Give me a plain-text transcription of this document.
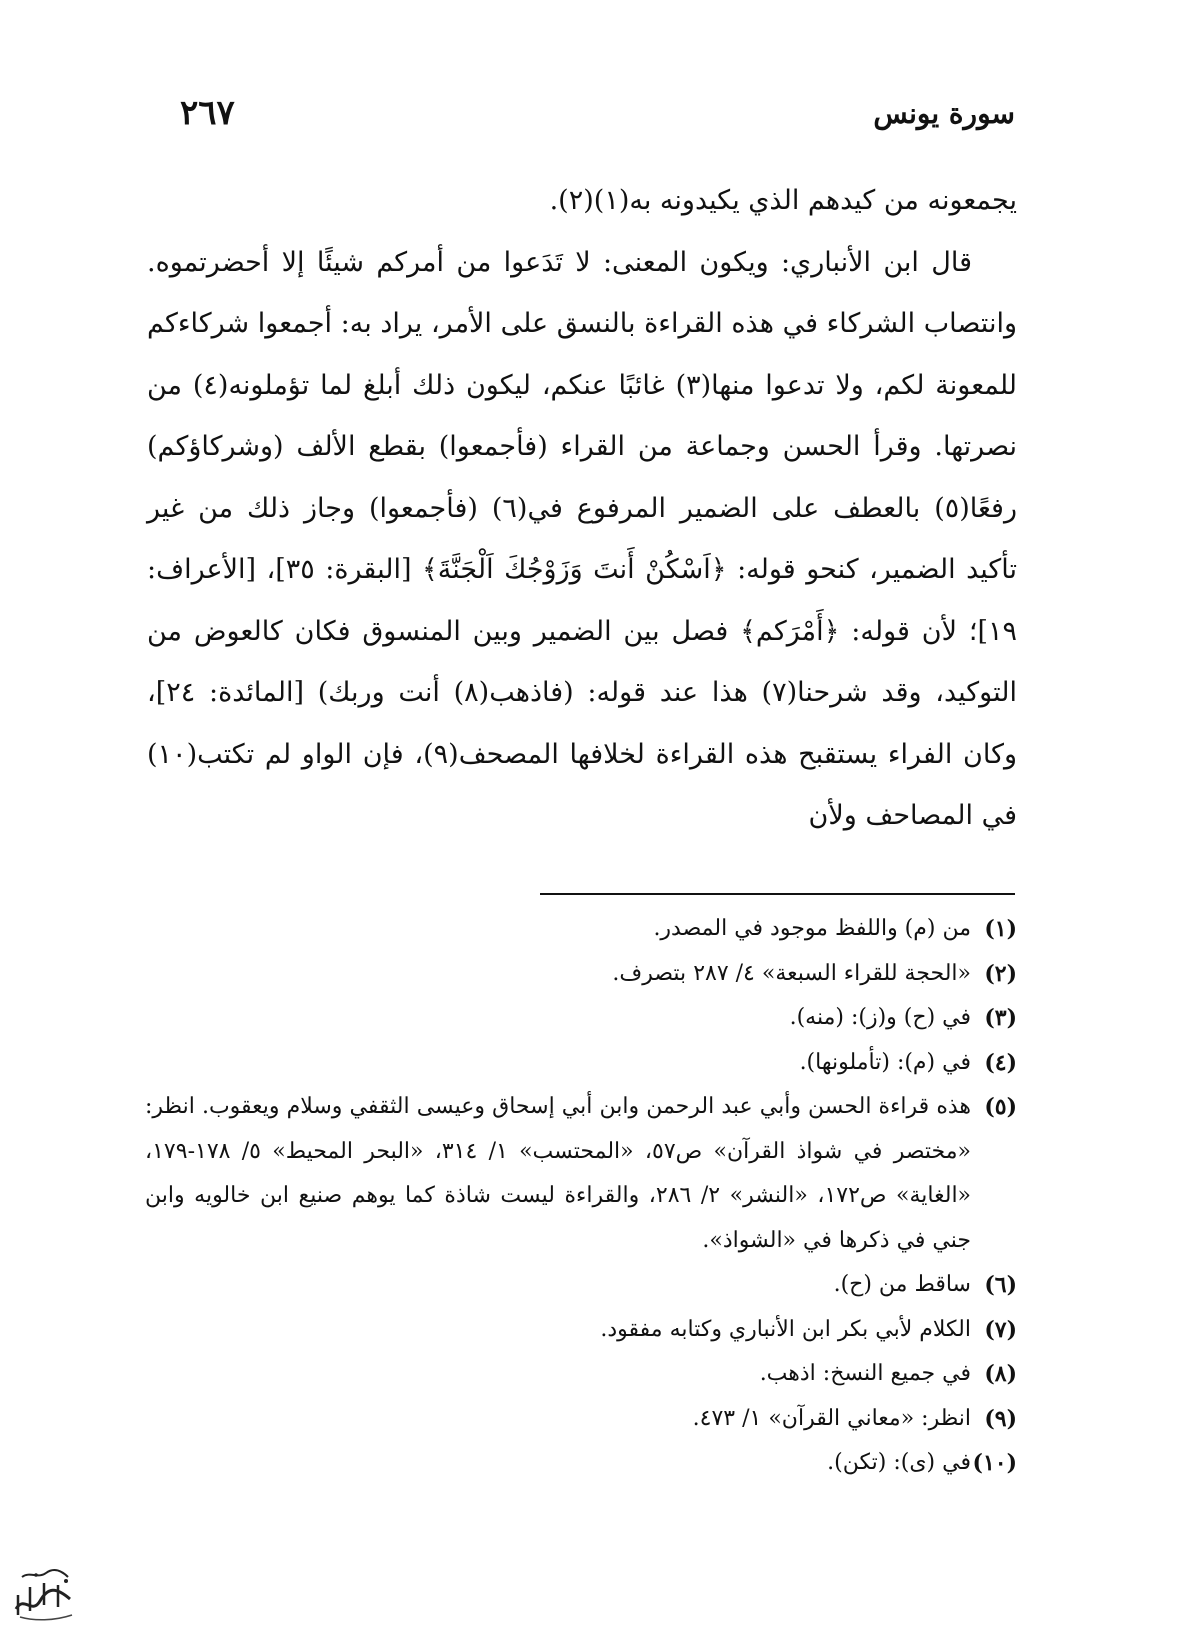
سورة يونس
٢٦٧

يجمعونه من كيدهم الذي يكيدونه به(١)(٢).

قال ابن الأنباري: ويكون المعنى: لا تَدَعوا من أمركم شيئًا إلا أحضرتموه. وانتصاب الشركاء في هذه القراءة بالنسق على الأمر، يراد به: أجمعوا شركاءكم للمعونة لكم، ولا تدعوا منها(٣) غائبًا عنكم، ليكون ذلك أبلغ لما تؤملونه(٤) من نصرتها. وقرأ الحسن وجماعة من القراء (فأجمعوا) بقطع الألف (وشركاؤكم) رفعًا(٥) بالعطف على الضمير المرفوع في(٦) (فأجمعوا) وجاز ذلك من غير تأكيد الضمير، كنحو قوله: ﴿اَسْكُنْ أَنتَ وَزَوْجُكَ اَلْجَنَّةَ﴾ [البقرة: ٣٥]، [الأعراف: ١٩]؛ لأن قوله: ﴿أَمْرَكم﴾ فصل بين الضمير وبين المنسوق فكان كالعوض من التوكيد، وقد شرحنا(٧) هذا عند قوله: (فاذهب(٨) أنت وربك) [المائدة: ٢٤]، وكان الفراء يستقبح هذه القراءة لخلافها المصحف(٩)، فإن الواو لم تكتب(١٠) في المصاحف ولأن

(١)
من (م) واللفظ موجود في المصدر.
(٢)
«الحجة للقراء السبعة» ٤/ ٢٨٧ بتصرف.
(٣)
في (ح) و(ز): (منه).
(٤)
في (م): (تأملونها).
(٥)
هذه قراءة الحسن وأبي عبد الرحمن وابن أبي إسحاق وعيسى الثقفي وسلام ويعقوب. انظر: «مختصر في شواذ القرآن» ص٥٧، «المحتسب» ١/ ٣١٤، «البحر المحيط» ٥/ ١٧٨-١٧٩، «الغاية» ص١٧٢، «النشر» ٢/ ٢٨٦، والقراءة ليست شاذة كما يوهم صنيع ابن خالويه وابن جني في ذكرها في «الشواذ».
(٦)
ساقط من (ح).
(٧)
الكلام لأبي بكر ابن الأنباري وكتابه مفقود.
(٨)
في جميع النسخ: اذهب.
(٩)
انظر: «معاني القرآن» ١/ ٤٧٣.
(١٠)
في (ى): (تكن).
